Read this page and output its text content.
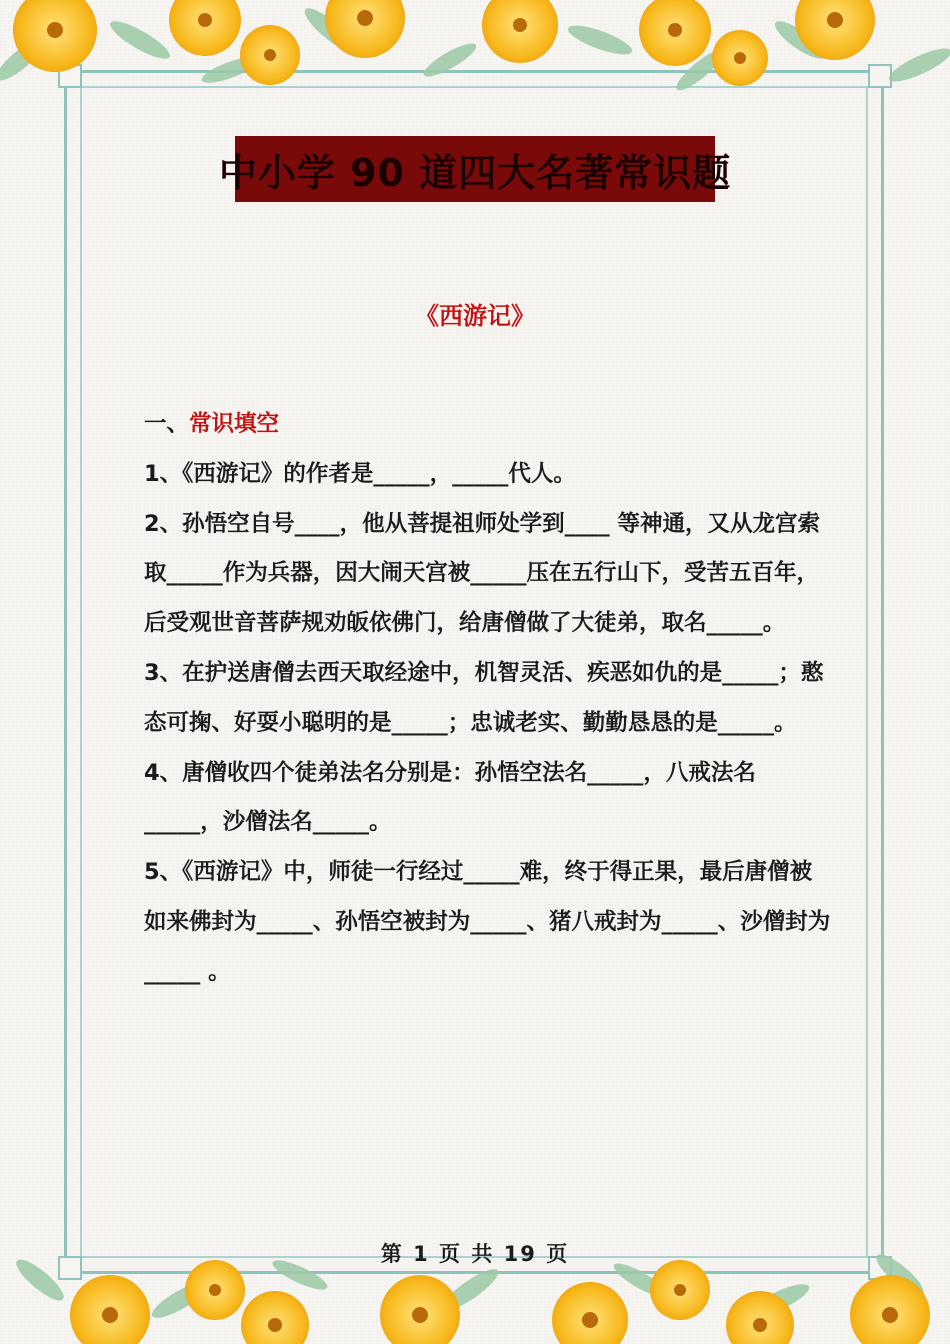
中小学 90 道四大名著常识题
《西游记》

一、常识填空

1、《西游记》的作者是_____，_____代人。

2、孙悟空自号____，他从菩提祖师处学到____ 等神通，又从龙宫索取_____作为兵器，因大闹天宫被_____压在五行山下，受苦五百年，后受观世音菩萨规劝皈依佛门，给唐僧做了大徒弟，取名_____。

3、在护送唐僧去西天取经途中，机智灵活、疾恶如仇的是_____；憨态可掬、好耍小聪明的是_____；忠诚老实、勤勤恳恳的是_____。

4、唐僧收四个徒弟法名分别是：孙悟空法名_____，八戒法名_____，沙僧法名_____。

5、《西游记》中，师徒一行经过_____难，终于得正果，最后唐僧被如来佛封为_____、孙悟空被封为_____、猪八戒封为_____、沙僧封为_____ 。

第 1 页 共 19 页
